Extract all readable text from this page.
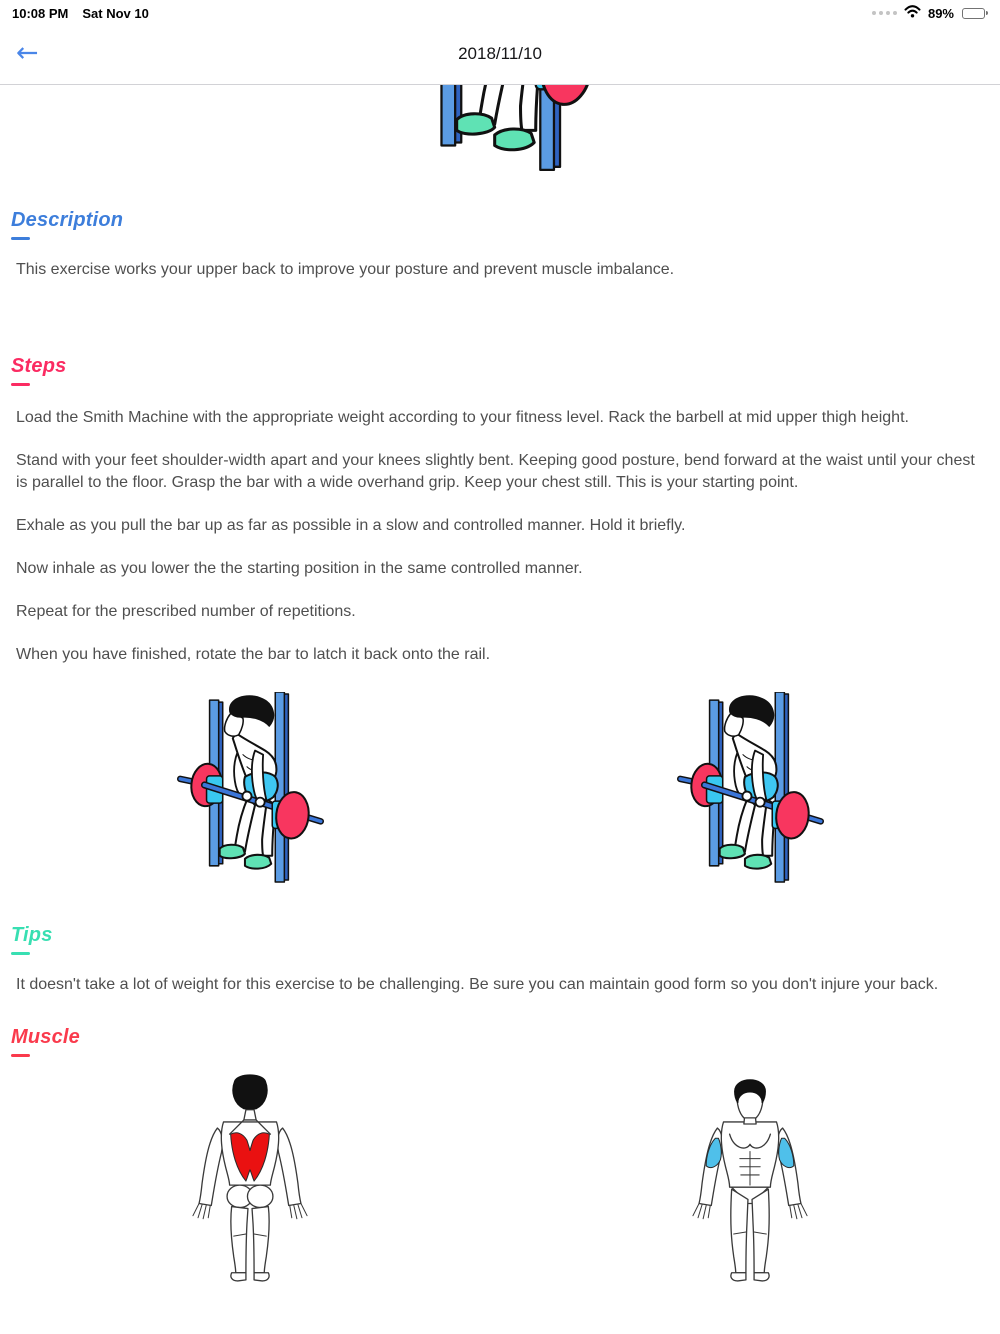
10:08 PM Sat Nov 10	89%
←	2018/11/10
Description

This exercise works your upper back to improve your posture and prevent muscle imbalance.

Steps

Load the Smith Machine with the appropriate weight according to your fitness level. Rack the barbell at mid upper thigh height.

Stand with your feet shoulder-width apart and your knees slightly bent. Keeping good posture, bend forward at the waist until your chest is parallel to the floor. Grasp the bar with a wide overhand grip. Keep your chest still. This is your starting point.

Exhale as you pull the bar up as far as possible in a slow and controlled manner. Hold it briefly.

Now inhale as you lower the the starting position in the same controlled manner.

Repeat for the prescribed number of repetitions.

When you have finished, rotate the bar to latch it back onto the rail.

Tips

It doesn't take a lot of weight for this exercise to be challenging. Be sure you can maintain good form so you don't injure your back.

Muscle
